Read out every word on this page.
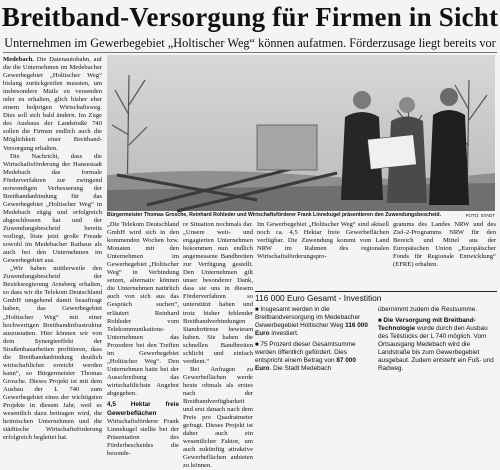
Breitband-Versorgung für Firmen in Sicht
Unternehmen im Gewerbegebiet „Holtischer Weg“ können aufatmen. Förderzusage liegt bereits vor

Medebach. Die Datenautobahn, auf die die Unternehmen im Medebacher Gewerbegebiet „Holtischer Weg“ bislang zurückgreifen mussten, um insbesondere Mails zu versenden oder zu erhalten, glich bisher eher einem holprigen Wirtschaftsweg. Dies soll sich bald ändern. Im Zuge des Ausbaus der Landstraße 740 sollen die Firmen endlich auch die Möglichkeit einer Breitband-Versorgung erhalten.

Die Nachricht, dass die Wirtschaftsförderung der Hansestadt Medebach das formale Förderverfahren zur zwingend notwendigen Verbesserung der Breitbandanbindung für das Gewerbegebiet „Holtischer Weg“ in Medebach zügig und erfolgreich abgeschlossen hat und der Zuwendungsbescheid bereits vorliegt, löste jetzt große Freude sowohl im Medebacher Rathaus als auch bei den Unternehmen im Gewerbegebiet aus.

„Wir haben mittlerweile den Zuwendungsbescheid der Bezirksregierung Arnsberg erhalten, so dass wir die Telekom Deutschland GmbH umgehend damit beauftragt haben, das Gewerbegebiet „Holtischer Weg“ mit einer hochwertigen Breitbandinfrastruktur auszustatten. Hier können wir von dem Synergieeffekt der Straßenbauarbeiten profitieren, dass die Breitbandanbindung deutlich wirtschaftlicher erreicht werden kann“, so Bürgermeister Thomas Grosche. Dieses Projekt ist mit dem Ausbau der L 740 zum Gewerbegebiet eines der wichtigsten Projekte in diesem Jahr, weil es wesentlich dazu beitragen wird, die heimischen Unternehmen und die städtische Wirtschaftsförderung erfolgreich begleitet hat.

Bürgermeister Thomas Grosche, Reinhard Rohleder und Wirtschaftsförderer Frank Linnekugel präsentieren den Zuwendungsbescheid.	FOTO: STADT

„Die Telekom Deutschland GmbH wird sich in den kommenden Wochen bzw. Monaten mit den Unternehmen im Gewerbegebiet „Holtischer Weg“ in Verbindung setzen, alternativ können die Unternehmen natürlich auch von sich aus das Gespräch suchen“, erläutert Reinhard Rohleder vom Telekommunikations-Unternehmen das Prozedere bei den Treffen im Gewerbegebiet „Holtischer Weg“. Den Unternehmen hatte bei der Ausschreibung das wirtschaftlichste Angebot abgegeben.

4,5 Hektar freie Gewerbeflächen

Wirtschaftsförderer Frank Linnekugel stellte bei der Präsentation des Förderbescheides die besonde-

re Situation nochmals dar. „Unsere weit- und engagierten Unternehmen bekommen nun endlich angemessene Bandbreiten zur Verfügung gestellt. Den Unternehmen gilt unser besonderer Dank, dass sie uns in diesem Förderverfahren so unterstützt haben und trotz bisher fehlender Breitbandverbindungen Standorttreue bewiesen haben. Sie haben die schnellen Bandbreiten schlicht und einfach verdient.“

Bei Anfragen zu Gewerbeflächen werde heute oftmals als erstes nach der Breitbandverfügbarkeit und erst danach nach dem Preis pro Quadratmeter gefragt. Dieses Projekt ist daher auch ein wesentlicher Faktor, um auch zukünftig attraktive Gewerbeflächen anbieten zu können.

Im Gewerbegebiet „Holtischer Weg“ sind aktuell noch ca. 4,5 Hektar freie Gewerbeflächen verfügbar. Die Zuwendung kommt vom Land NRW im Rahmen des regionalen Wirtschaftsförderungspro-

gramms des Landes NRW und des Ziel-2-Programms NRW für den Bereich und Mittel aus der Europäischen Union „Europäischer Fonds für Regionale Entwicklung“ (EFRE) erhalten.

116 000 Euro Gesamt - Investition
■ Insgesamt werden in die Breitbandversorgung im Medebacher Gewerbegebiet Holtischer Weg 116 000 Euro investiert.
■ 75 Prozent dieser Gesamtsumme werden öffentlich gefördert. Dies entspricht einem Betrag von 87 000 Euro. Die Stadt Medebach
übernimmt zudem die Restsumme.
■ Die Versorgung mit Breitband-Technologie wurde durch den Ausbau des Teilstücks der L 740 möglich. Vom Ortsausgang Medebach wird die Landstraße bis zum Gewerbegebiet ausgebaut. Zudem entsteht ein Fuß- und Radweg.
